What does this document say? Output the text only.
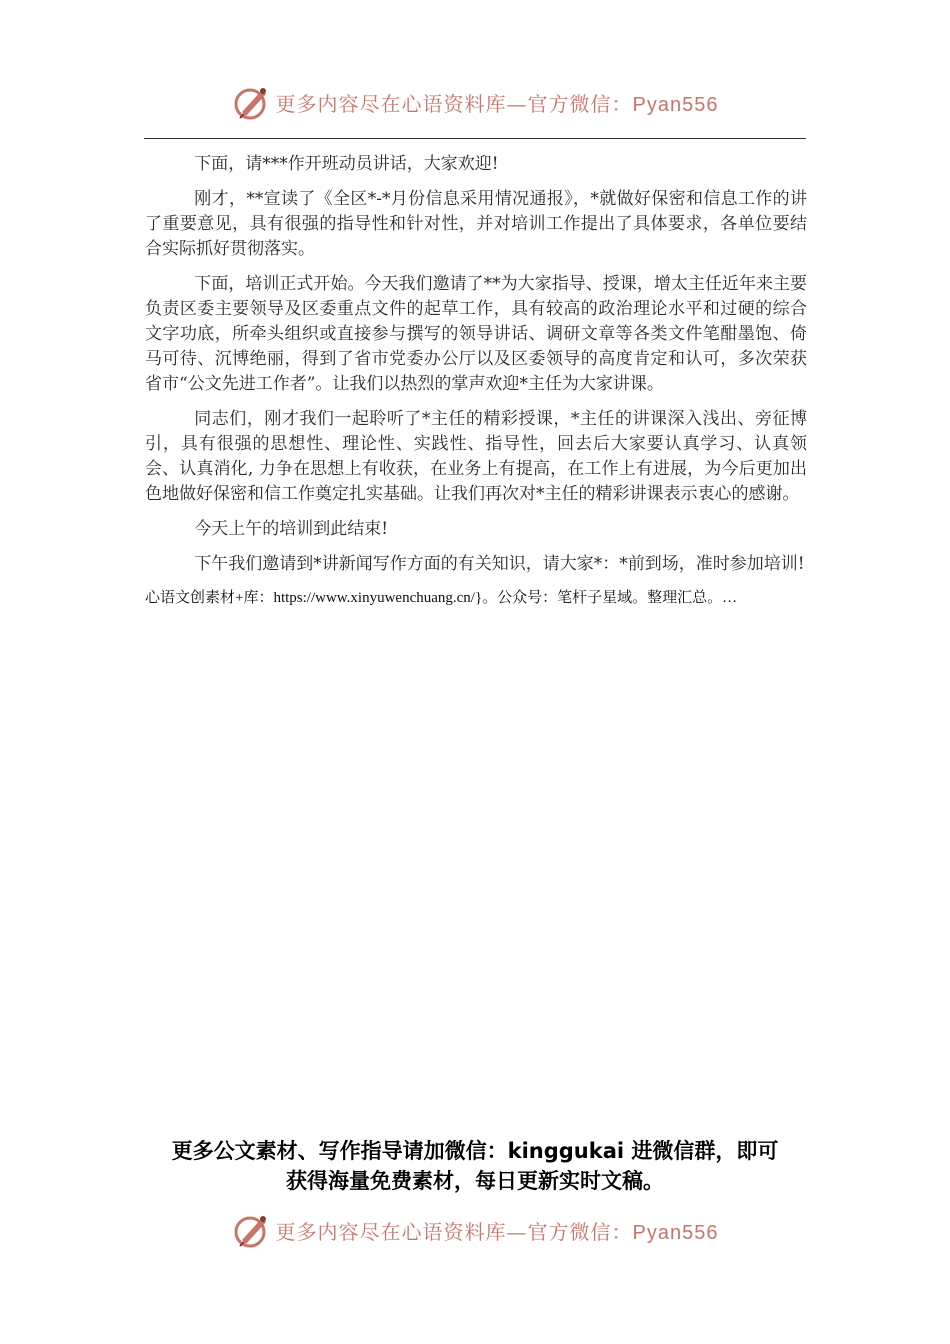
更多内容尽在心语资料库—官方微信：Pyan556

下面，请***作开班动员讲话，大家欢迎!

刚才，**宣读了《全区*-*月份信息采用情况通报》，*就做好保密和信息工作的讲了重要意见，具有很强的指导性和针对性，并对培训工作提出了具体要求，各单位要结合实际抓好贯彻落实。

下面，培训正式开始。今天我们邀请了**为大家指导、授课，增太主任近年来主要负责区委主要领导及区委重点文件的起草工作，具有较高的政治理论水平和过硬的综合文字功底，所牵头组织或直接参与撰写的领导讲话、调研文章等各类文件笔酣墨饱、倚马可待、沉博绝丽，得到了省市党委办公厅以及区委领导的高度肯定和认可，多次荣获省市“公文先进工作者”。让我们以热烈的掌声欢迎*主任为大家讲课。

同志们，刚才我们一起聆听了*主任的精彩授课，*主任的讲课深入浅出、旁征博引，具有很强的思想性、理论性、实践性、指导性，回去后大家要认真学习、认真领会、认真消化, 力争在思想上有收获，在业务上有提高，在工作上有进展，为今后更加出色地做好保密和信工作奠定扎实基础。让我们再次对*主任的精彩讲课表示衷心的感谢。

今天上午的培训到此结束!

下午我们邀请到*讲新闻写作方面的有关知识，请大家*：*前到场，准时参加培训!

心语文创素材+库：https://www.xinyuwenchuang.cn/}。公众号：笔杆子星域。整理汇总。…

更多公文素材、写作指导请加微信：kinggukai 进微信群，即可
获得海量免费素材，每日更新实时文稿。
更多内容尽在心语资料库—官方微信：Pyan556
